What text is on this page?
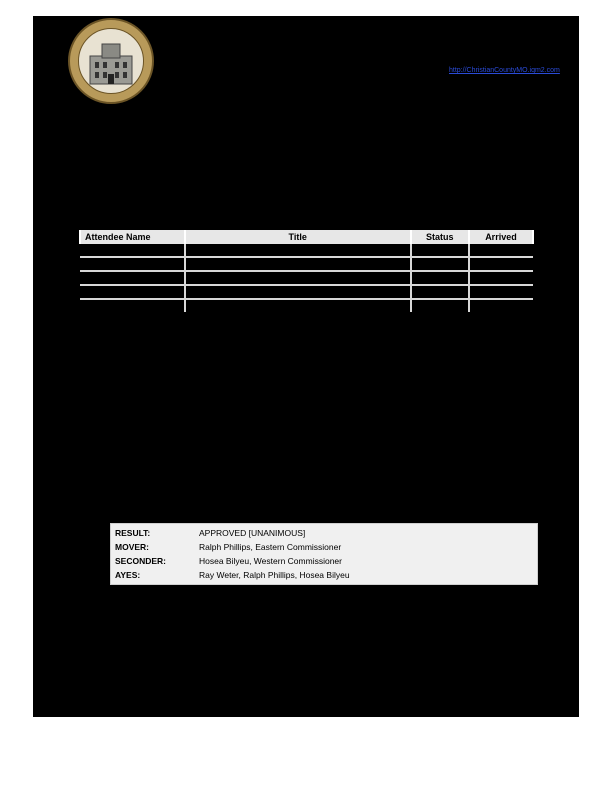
http://ChristianCountyMO.iqm2.com
Attendee Name	Title	Status	Arrived

RESULT:	APPROVED [UNANIMOUS]
MOVER:	Ralph Phillips, Eastern Commissioner
SECONDER:	Hosea Bilyeu, Western Commissioner
AYES:	Ray Weter, Ralph Phillips, Hosea Bilyeu
